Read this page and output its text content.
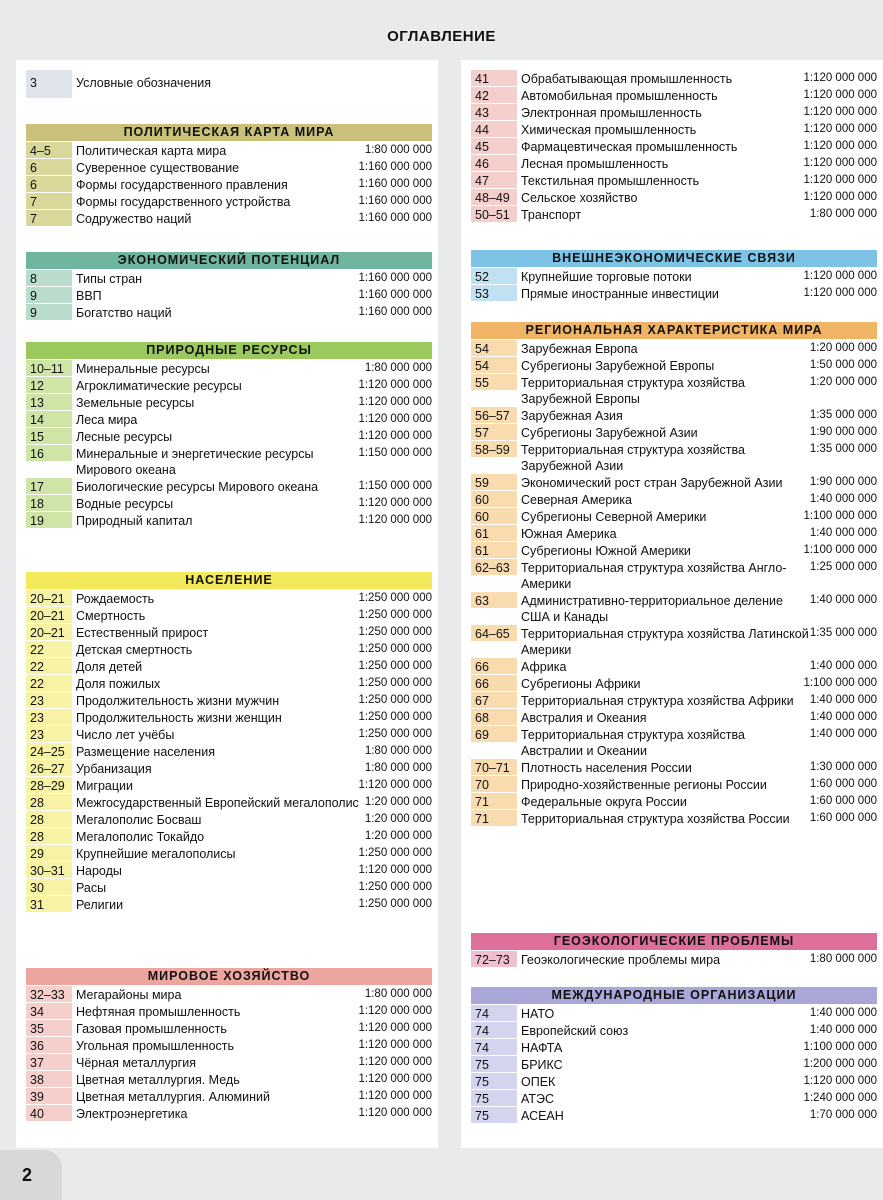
ОГЛАВЛЕНИЕ
3	Условные обозначения
ПОЛИТИЧЕСКАЯ КАРТА МИРА
4–5	Политическая карта мира	1:80 000 000
6	Суверенное существование	1:160 000 000
6	Формы государственного правления	1:160 000 000
7	Формы государственного устройства	1:160 000 000
7	Содружество наций	1:160 000 000
ЭКОНОМИЧЕСКИЙ ПОТЕНЦИАЛ
8	Типы стран	1:160 000 000
9	ВВП	1:160 000 000
9	Богатство наций	1:160 000 000
ПРИРОДНЫЕ РЕСУРСЫ
10–11 Минеральные ресурсы	1:80 000 000
12	Агроклиматические ресурсы	1:120 000 000
13	Земельные ресурсы	1:120 000 000
14	Леса мира	1:120 000 000
15	Лесные ресурсы	1:120 000 000
16	Минеральные и энергетические ресурсы Мирового океана
1:150 000 000
17	Биологические ресурсы Мирового океана	1:150 000 000
18	Водные ресурсы	1:120 000 000
19	Природный капитал	1:120 000 000
НАСЕЛЕНИЕ
20–21 Рождаемость	1:250 000 000
20–21 Смертность	1:250 000 000
20–21 Естественный прирост	1:250 000 000
22	Детская смертность	1:250 000 000
22	Доля детей	1:250 000 000
22	Доля пожилых	1:250 000 000
23	Продолжительность жизни мужчин	1:250 000 000
23	Продолжительность жизни женщин	1:250 000 000
23	Число лет учёбы	1:250 000 000
24–25 Размещение населения	1:80 000 000
26–27 Урбанизация	1:80 000 000
28–29 Миграции	1:120 000 000
28	Межгосударственный Европейский мегалополис 1:20 000 000
28	Мегалополис Босваш	1:20 000 000
28	Мегалополис Токайдо	1:20 000 000
29	Крупнейшие мегалополисы	1:250 000 000
30–31 Народы	1:120 000 000
30	Расы	1:250 000 000
31	Религии	1:250 000 000
МИРОВОЕ ХОЗЯЙСТВО
32–33 Мегарайоны мира	1:80 000 000
34	Нефтяная промышленность	1:120 000 000
35	Газовая промышленность	1:120 000 000
36	Угольная промышленность	1:120 000 000
37	Чёрная металлургия	1:120 000 000
38	Цветная металлургия. Медь	1:120 000 000
39	Цветная металлургия. Алюминий	1:120 000 000
40	Электроэнергетика	1:120 000 000
41	Обрабатывающая промышленность	1:120 000 000
42	Автомобильная промышленность	1:120 000 000
43	Электронная промышленность	1:120 000 000
44	Химическая промышленность	1:120 000 000
45	Фармацевтическая промышленность	1:120 000 000
46	Лесная промышленность	1:120 000 000
47	Текстильная промышленность	1:120 000 000
48–49 Сельское хозяйство	1:120 000 000
50–51 Транспорт	1:80 000 000
ВНЕШНЕЭКОНОМИЧЕСКИЕ СВЯЗИ
52	Крупнейшие торговые потоки	1:120 000 000
53	Прямые иностранные инвестиции	1:120 000 000
РЕГИОНАЛЬНАЯ ХАРАКТЕРИСТИКА МИРА
54	Зарубежная Европа	1:20 000 000
54	Субрегионы Зарубежной Европы	1:50 000 000
55	Территориальная структура хозяйства Зарубежной Европы
1:20 000 000
56–57 Зарубежная Азия	1:35 000 000
57	Субрегионы Зарубежной Азии	1:90 000 000
58–59 Территориальная структура хозяйства Зарубежной Азии
1:35 000 000
59	Экономический рост стран Зарубежной Азии	1:90 000 000
60	Северная Америка	1:40 000 000
60	Субрегионы Северной Америки	1:100 000 000
61	Южная Америка	1:40 000 000
61	Субрегионы Южной Америки	1:100 000 000
62–63 Территориальная структура хозяйства Англо-Америки
1:25 000 000
63	Административно-территориальное деление США и Канады
1:40 000 000
64–65 Территориальная структура хозяйства Латинской Америки
1:35 000 000
66	Африка	1:40 000 000
66	Субрегионы Африки	1:100 000 000
67	Территориальная структура хозяйства Африки	1:40 000 000
68	Австралия и Океания	1:40 000 000
69	Территориальная структура хозяйства Австралии и Океании
1:40 000 000
70–71 Плотность населения России	1:30 000 000
70	Природно-хозяйственные регионы России	1:60 000 000
71	Федеральные округа России	1:60 000 000
71	Территориальная структура хозяйства России	1:60 000 000
ГЕОЭКОЛОГИЧЕСКИЕ ПРОБЛЕМЫ
72–73 Геоэкологические проблемы мира	1:80 000 000
МЕЖДУНАРОДНЫЕ ОРГАНИЗАЦИИ
74	НАТО	1:40 000 000
74	Европейский союз	1:40 000 000
74	НАФТА	1:100 000 000
75	БРИКС	1:200 000 000
75	ОПЕК	1:120 000 000
75	АТЭС	1:240 000 000
75	АСЕАН	1:70 000 000
2
